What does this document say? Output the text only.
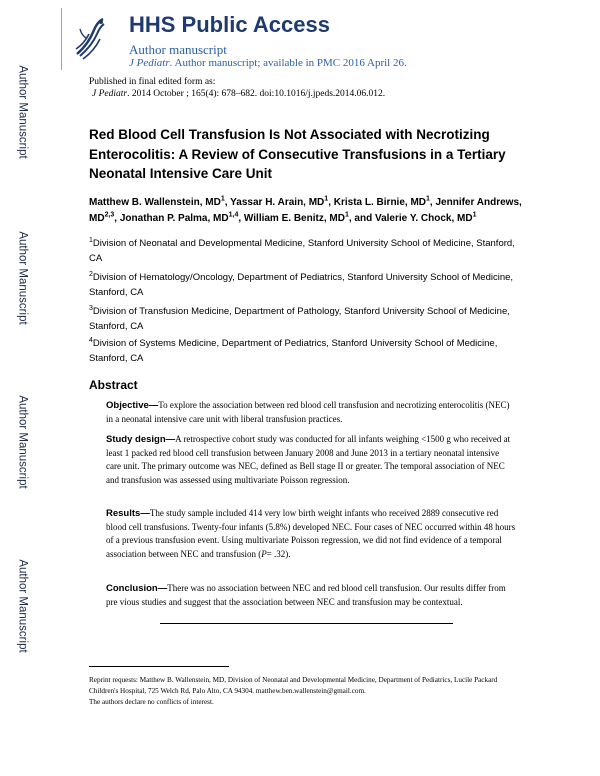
Author Manuscript
Author Manuscript
Author Manuscript
Author Manuscript
HHS Public Access
Author manuscript
J Pediatr. Author manuscript; available in PMC 2016 April 26.
Published in final edited form as:
J Pediatr. 2014 October ; 165(4): 678–682. doi:10.1016/j.jpeds.2014.06.012.
Red Blood Cell Transfusion Is Not Associated with Necrotizing Enterocolitis: A Review of Consecutive Transfusions in a Tertiary Neonatal Intensive Care Unit
Matthew B. Wallenstein, $MD^1$, Yassar H. Arain, $MD^1$, Krista L. Birnie, $MD^1$, Jennifer Andrews, MD$^{2,3}$, Jonathan P. Palma, MD$^{1,4}$, William E. Benitz, $MD^1$, and Valerie Y. Chock, $MD^1$
$^1$Division of Neonatal and Developmental Medicine, Stanford University School of Medicine, Stanford, CA
$^2$Division of Hematology/Oncology, Department of Pediatrics, Stanford University School of Medicine, Stanford, CA
$^3$Division of Transfusion Medicine, Department of Pathology, Stanford University School of Medicine, Stanford, CA
$^4$Division of Systems Medicine, Department of Pediatrics, Stanford University School of Medicine, Stanford, CA
Abstract
Objective—To explore the association between red blood cell transfusion and necrotizing enterocolitis (NEC) in a neonatal intensive care unit with liberal transfusion practices.
Study design—A retrospective cohort study was conducted for all infants weighing <1500 g who received at least 1 packed red blood cell transfusion between January 2008 and June 2013 in a tertiary neonatal intensive care unit. The primary outcome was NEC, defined as Bell stage II or greater. The temporal association of NEC and transfusion was assessed using multivariate Poisson regression.
Results—The study sample included 414 very low birth weight infants who received 2889 consecutive red blood cell transfusions. Twenty-four infants (5.8%) developed NEC. Four cases of NEC occurred within 48 hours of a previous transfusion event. Using multivariate Poisson regression, we did not find evidence of a temporal association between NEC and transfusion (P= .32).
Conclusion—There was no association between NEC and red blood cell transfusion. Our results differ from pre vious studies and suggest that the association between NEC and transfusion may be contextual.
Reprint requests: Matthew B. Wallenstein, MD, Division of Neonatal and Developmental Medicine, Department of Pediatrics, Lucile Packard Children's Hospital, 725 Welch Rd, Palo Alto, CA 94304. matthew.ben.wallenstein@gmail.com.
The authors declare no conflicts of interest.
